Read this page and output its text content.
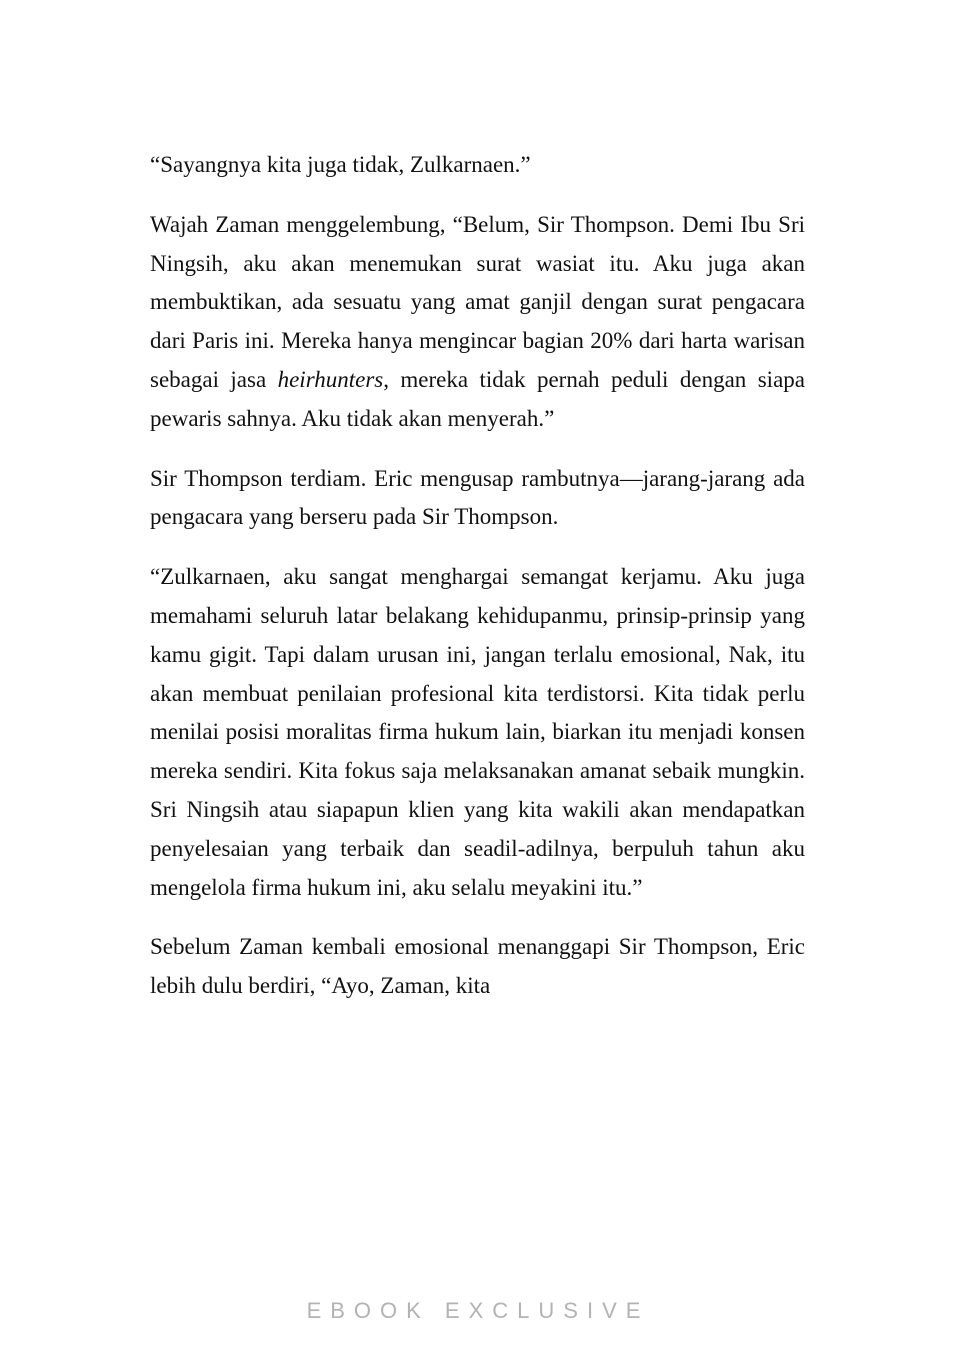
“Sayangnya kita juga tidak, Zulkarnaen.”

Wajah Zaman menggelembung, “Belum, Sir Thompson. Demi Ibu Sri Ningsih, aku akan menemukan surat wasiat itu. Aku juga akan membuktikan, ada sesuatu yang amat ganjil dengan surat pengacara dari Paris ini. Mereka hanya mengincar bagian 20% dari harta warisan sebagai jasa heirhunters, mereka tidak pernah peduli dengan siapa pewaris sahnya. Aku tidak akan menyerah.”

Sir Thompson terdiam. Eric mengusap rambutnya—jarang-jarang ada pengacara yang berseru pada Sir Thompson.

“Zulkarnaen, aku sangat menghargai semangat kerjamu. Aku juga memahami seluruh latar belakang kehidupanmu, prinsip-prinsip yang kamu gigit. Tapi dalam urusan ini, jangan terlalu emosional, Nak, itu akan membuat penilaian profesional kita terdistorsi. Kita tidak perlu menilai posisi moralitas firma hukum lain, biarkan itu menjadi konsen mereka sendiri. Kita fokus saja melaksanakan amanat sebaik mungkin. Sri Ningsih atau siapapun klien yang kita wakili akan mendapatkan penyelesaian yang terbaik dan seadil-adilnya, berpuluh tahun aku mengelola firma hukum ini, aku selalu meyakini itu.”

Sebelum Zaman kembali emosional menanggapi Sir Thompson, Eric lebih dulu berdiri, “Ayo, Zaman, kita

EBOOK EXCLUSIVE
